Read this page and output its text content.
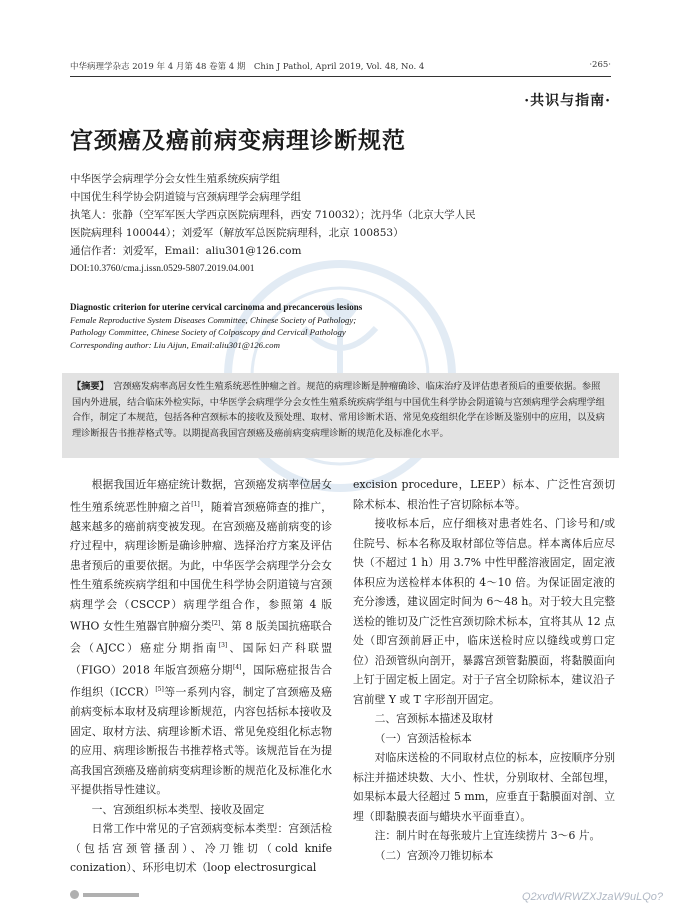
中华病理学杂志 2019 年 4 月第 48 卷第 4 期　Chin J Pathol, April 2019, Vol. 48, No. 4	·265·
·共识与指南·
宫颈癌及癌前病变病理诊断规范
中华医学会病理学分会女性生殖系统疾病学组
中国优生科学协会阴道镜与宫颈病理学会病理学组
执笔人：张静（空军军医大学西京医院病理科，西安 710032）；沈丹华（北京大学人民
医院病理科 100044）；刘爱军（解放军总医院病理科，北京 100853）
通信作者：刘爱军，Email：aliu301@126.com
DOI:10.3760/cma.j.issn.0529-5807.2019.04.001
Diagnostic criterion for uterine cervical carcinoma and precancerous lesions
Female Reproductive System Diseases Committee, Chinese Society of Pathology;
Pathology Committee, Chinese Society of Colposcopy and Cervical Pathology
Corresponding author: Liu Aijun, Email:aliu301@126.com
【摘要】　宫颈癌发病率高居女性生殖系统恶性肿瘤之首。规范的病理诊断是肿瘤确诊、临床治疗及评估患者预后的重要依据。参照国内外进展，结合临床外检实际，中华医学会病理学分会女性生殖系统疾病学组与中国优生科学协会阴道镜与宫颈病理学会病理学组合作，制定了本规范，包括各种宫颈标本的接收及预处理、取材、常用诊断术语、常见免疫组织化学在诊断及鉴别中的应用，以及病理诊断报告书推荐格式等。以期提高我国宫颈癌及癌前病变病理诊断的规范化及标准化水平。

根据我国近年癌症统计数据，宫颈癌发病率位居女性生殖系统恶性肿瘤之首[1]，随着宫颈癌筛查的推广，越来越多的癌前病变被发现。在宫颈癌及癌前病变的诊疗过程中，病理诊断是确诊肿瘤、选择治疗方案及评估患者预后的重要依据。为此，中华医学会病理学分会女性生殖系统疾病学组和中国优生科学协会阴道镜与宫颈病理学会（CSCCP）病理学组合作，参照第 4 版 WHO 女性生殖器官肿瘤分类[2]、第 8 版美国抗癌联合会（AJCC）癌症分期指南[3]、国际妇产科联盟（FIGO）2018 年版宫颈癌分期[4]，国际癌症报告合作组织（ICCR）[5]等一系列内容，制定了宫颈癌及癌前病变标本取材及病理诊断规范，内容包括标本接收及固定、取材方法、病理诊断术语、常见免疫组化标志物的应用、病理诊断报告书推荐格式等。该规范旨在为提高我国宫颈癌及癌前病变病理诊断的规范化及标准化水平提供指导性建议。

一、宫颈组织标本类型、接收及固定

日常工作中常见的子宫颈病变标本类型：宫颈活检（包括宫颈管搔刮）、冷刀锥切（cold knife conization）、环形电切术（loop electrosurgical

excision procedure，LEEP）标本、广泛性宫颈切除术标本、根治性子宫切除标本等。

接收标本后，应仔细核对患者姓名、门诊号和/或住院号、标本名称及取材部位等信息。样本离体后应尽快（不超过 1 h）用 3.7% 中性甲醛溶液固定，固定液体积应为送检样本体积的 4～10 倍。为保证固定液的充分渗透，建议固定时间为 6～48 h。对于较大且完整送检的锥切及广泛性宫颈切除术标本，宜将其从 12 点处（即宫颈前唇正中，临床送检时应以缝线或剪口定位）沿颈管纵向剖开，暴露宫颈管黏膜面，将黏膜面向上钉于固定板上固定。对于子宫全切除标本，建议沿子宫前壁 Y 或 T 字形剖开固定。

二、宫颈标本描述及取材

（一）宫颈活检标本

对临床送检的不同取材点位的标本，应按顺序分别标注并描述块数、大小、性状，分别取材、全部包埋，如果标本最大径超过 5 mm，应垂直于黏膜面对剖、立埋（即黏膜表面与蜡块水平面垂直）。

注：制片时在每张玻片上宜连续捞片 3～6 片。

（二）宫颈冷刀锥切标本

Q2xvdWRWZXJzaW9uLQo?
